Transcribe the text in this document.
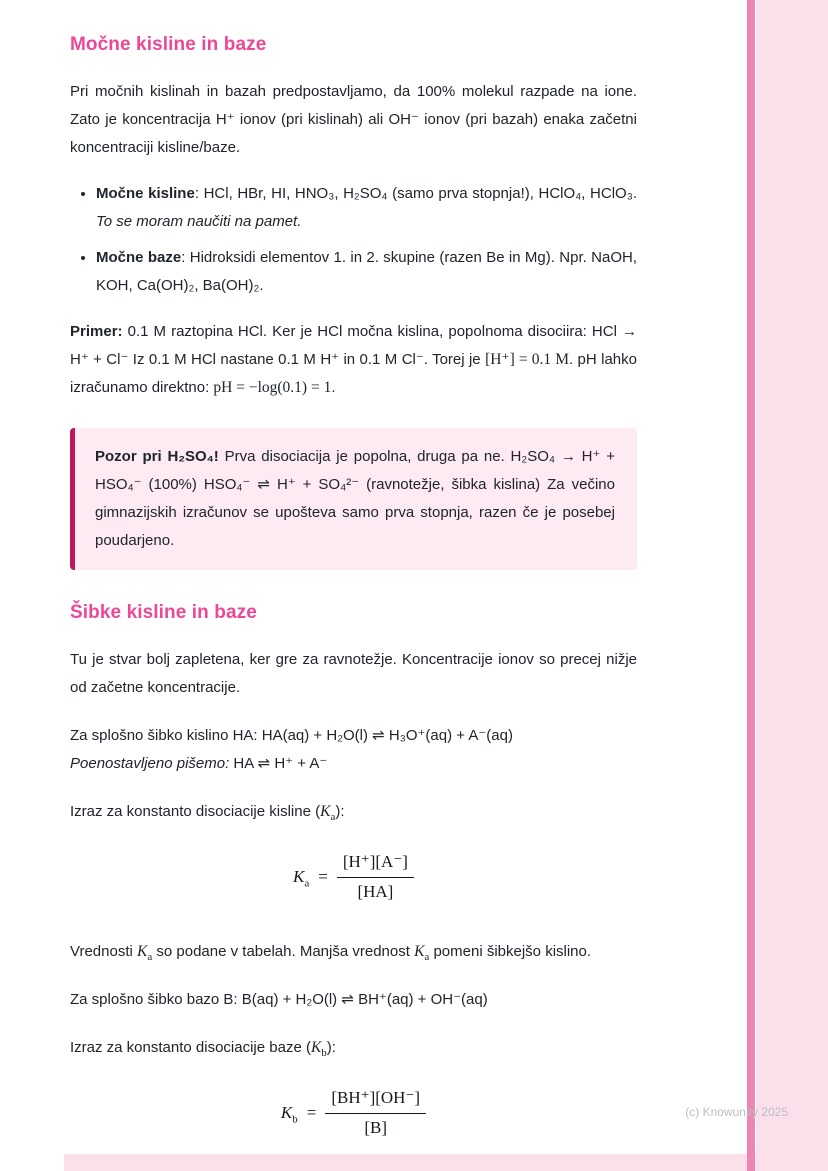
Močne kisline in baze

Pri močnih kislinah in bazah predpostavljamo, da 100% molekul razpade na ione. Zato je koncentracija H⁺ ionov (pri kislinah) ali OH⁻ ionov (pri bazah) enaka začetni koncentraciji kisline/baze.

• Močne kisline: HCl, HBr, HI, HNO₃, H₂SO₄ (samo prva stopnja!), HClO₄, HClO₃. To se moram naučiti na pamet.
• Močne baze: Hidroksidi elementov 1. in 2. skupine (razen Be in Mg). Npr. NaOH, KOH, Ca(OH)₂, Ba(OH)₂.

Primer: 0.1 M raztopina HCl. Ker je HCl močna kislina, popolnoma disociira: HCl → H⁺ + Cl⁻ Iz 0.1 M HCl nastane 0.1 M H⁺ in 0.1 M Cl⁻. Torej je [H⁺] = 0.1 M. pH lahko izračunamo direktno: pH = −log(0.1) = 1.

Pozor pri H₂SO₄! Prva disociacija je popolna, druga pa ne. H₂SO₄ → H⁺ + HSO₄⁻ (100%) HSO₄⁻ ⇌ H⁺ + SO₄²⁻ (ravnotežje, šibka kislina) Za večino gimnazijskih izračunov se upošteva samo prva stopnja, razen če je posebej poudarjeno.

Šibke kisline in baze

Tu je stvar bolj zapletena, ker gre za ravnotežje. Koncentracije ionov so precej nižje od začetne koncentracije.

Za splošno šibko kislino HA: HA(aq) + H₂O(l) ⇌ H₃O⁺(aq) + A⁻(aq)
Poenostavljeno pišemo: HA ⇌ H⁺ + A⁻

Izraz za konstanto disociacije kisline $(K_a)$:

$K_a = \frac{[H^+][A^-]}{[HA]}$

Vrednosti $K_a$ so podane v tabelah. Manjša vrednost $K_a$ pomeni šibkejšo kislino.

Za splošno šibko bazo B: B(aq) + H₂O(l) ⇌ BH⁺(aq) + OH⁻(aq)

Izraz za konstanto disociacije baze $(K_b)$:

$K_b = \frac{[BH^+][OH^-]}{[B]}$	(c) Knowunity 2025
